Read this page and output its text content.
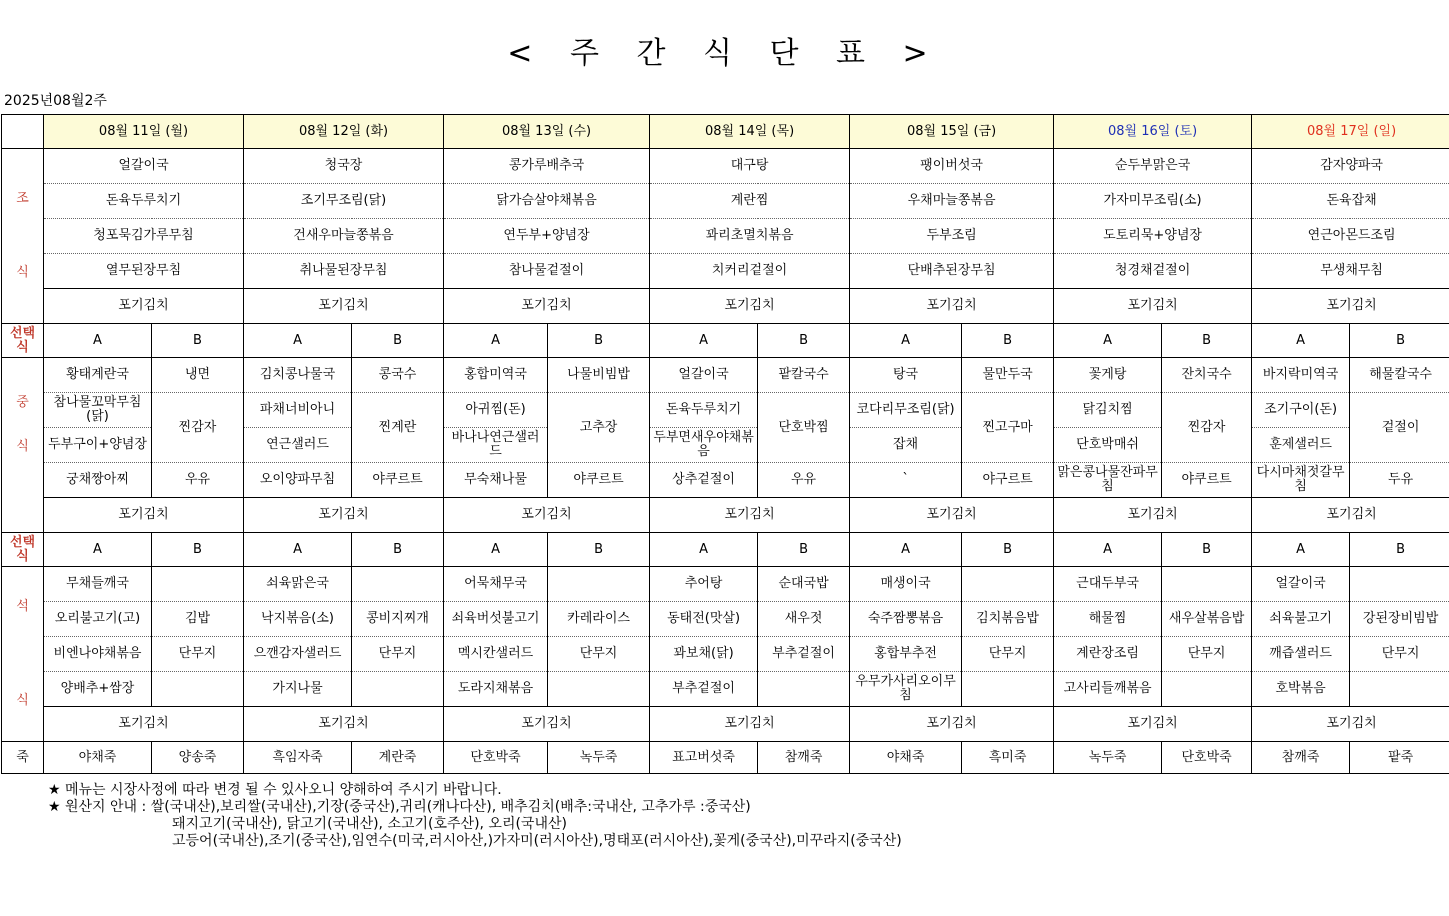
< 주 간 식 단 표 >
2025년08월2주
	08월 11일 (월)		08월 12일 (화)		08월 13일 (수)		08월 14일 (목)		08월 15일 (금)		08월 16일 (토)		08월 17일 (일)	

조
식	얼갈이국		청국장		콩가루배추국		대구탕		팽이버섯국		순두부맑은국		감자양파국	
	돈육두루치기		조기무조림(닭)		닭가슴살야채볶음		계란찜		우채마늘쫑볶음		가자미무조림(소)		돈육잡채	
	청포묵김가루무침		건새우마늘쫑볶음		연두부+양념장		꽈리초멸치볶음		두부조림		도토리묵+양념장		연근아몬드조림	
	열무된장무침		취나물된장무침		참나물겉절이		치커리겉절이		단배추된장무침		청경채겉절이		무생채무침	
	포기김치		포기김치		포기김치		포기김치		포기김치		포기김치		포기김치	
선택식	A	B	A	B	A	B	A	B	A	B	A	B	A	B

중
식	황태계란국	냉면	김치콩나물국	콩국수	홍합미역국	나물비빔밥	얼갈이국	팥칼국수	탕국	물만두국	꽃게탕	잔치국수	바지락미역국	해물칼국수
	참나물꼬막무침(닭)	찐감자	파채너비아니	찐계란	아귀찜(돈)	고추장	돈육두루치기	단호박찜	코다리무조림(닭)	찐고구마	닭김치찜	찐감자	조기구이(돈)	겉절이
	두부구이+양념장		연근샐러드		바나나연근샐러드		두부면새우야채볶음		잡채		단호박매쉬		훈제샐러드	
	궁채짱아찌	우유	오이양파무침	야쿠르트	무숙채나물	야쿠르트	상추겉절이	우유	`	야구르트	맑은콩나물잔파무침	야쿠르트	다시마채젓갈무침	두유
	포기김치		포기김치		포기김치		포기김치		포기김치		포기김치		포기김치	
선택식	A	B	A	B	A	B	A	B	A	B	A	B	A	B

석
식	무채들깨국		쇠육맑은국		어묵채무국		추어탕	순대국밥	매생이국		근대두부국		얼갈이국	
	오리불고기(고)	김밥	낙지볶음(소)	콩비지찌개	쇠육버섯불고기	카레라이스	동태전(맛살)	새우젓	숙주짬뽕볶음	김치볶음밥	해물찜	새우살볶음밥	쇠육불고기	강된장비빔밥
	비엔나야채볶음	단무지	으깬감자샐러드	단무지	멕시칸샐러드	단무지	꽈보채(닭)	부추겉절이	홍합부추전	단무지	계란장조림	단무지	깨즙샐러드	단무지
	양배추+쌈장		가지나물		도라지채볶음		부추겉절이		우무가사리오이무침		고사리들깨볶음		호박볶음	
	포기김치		포기김치		포기김치		포기김치		포기김치		포기김치		포기김치	
죽	야채죽	양송죽	흑임자죽	계란죽	단호박죽	녹두죽	표고버섯죽	참깨죽	야채죽	흑미죽	녹두죽	단호박죽	참깨죽	팥죽
★ 메뉴는 시장사정에 따라 변경 될 수 있사오니 양해하여 주시기 바랍니다.
★ 원산지 안내 : 쌀(국내산),보리쌀(국내산),기장(중국산),귀리(캐나다산), 배추김치(배추:국내산, 고추가루 :중국산)
돼지고기(국내산), 닭고기(국내산), 소고기(호주산), 오리(국내산)
고등어(국내산),조기(중국산),임연수(미국,러시아산,)가자미(러시아산),명태포(러시아산),꽃게(중국산),미꾸라지(중국산)
